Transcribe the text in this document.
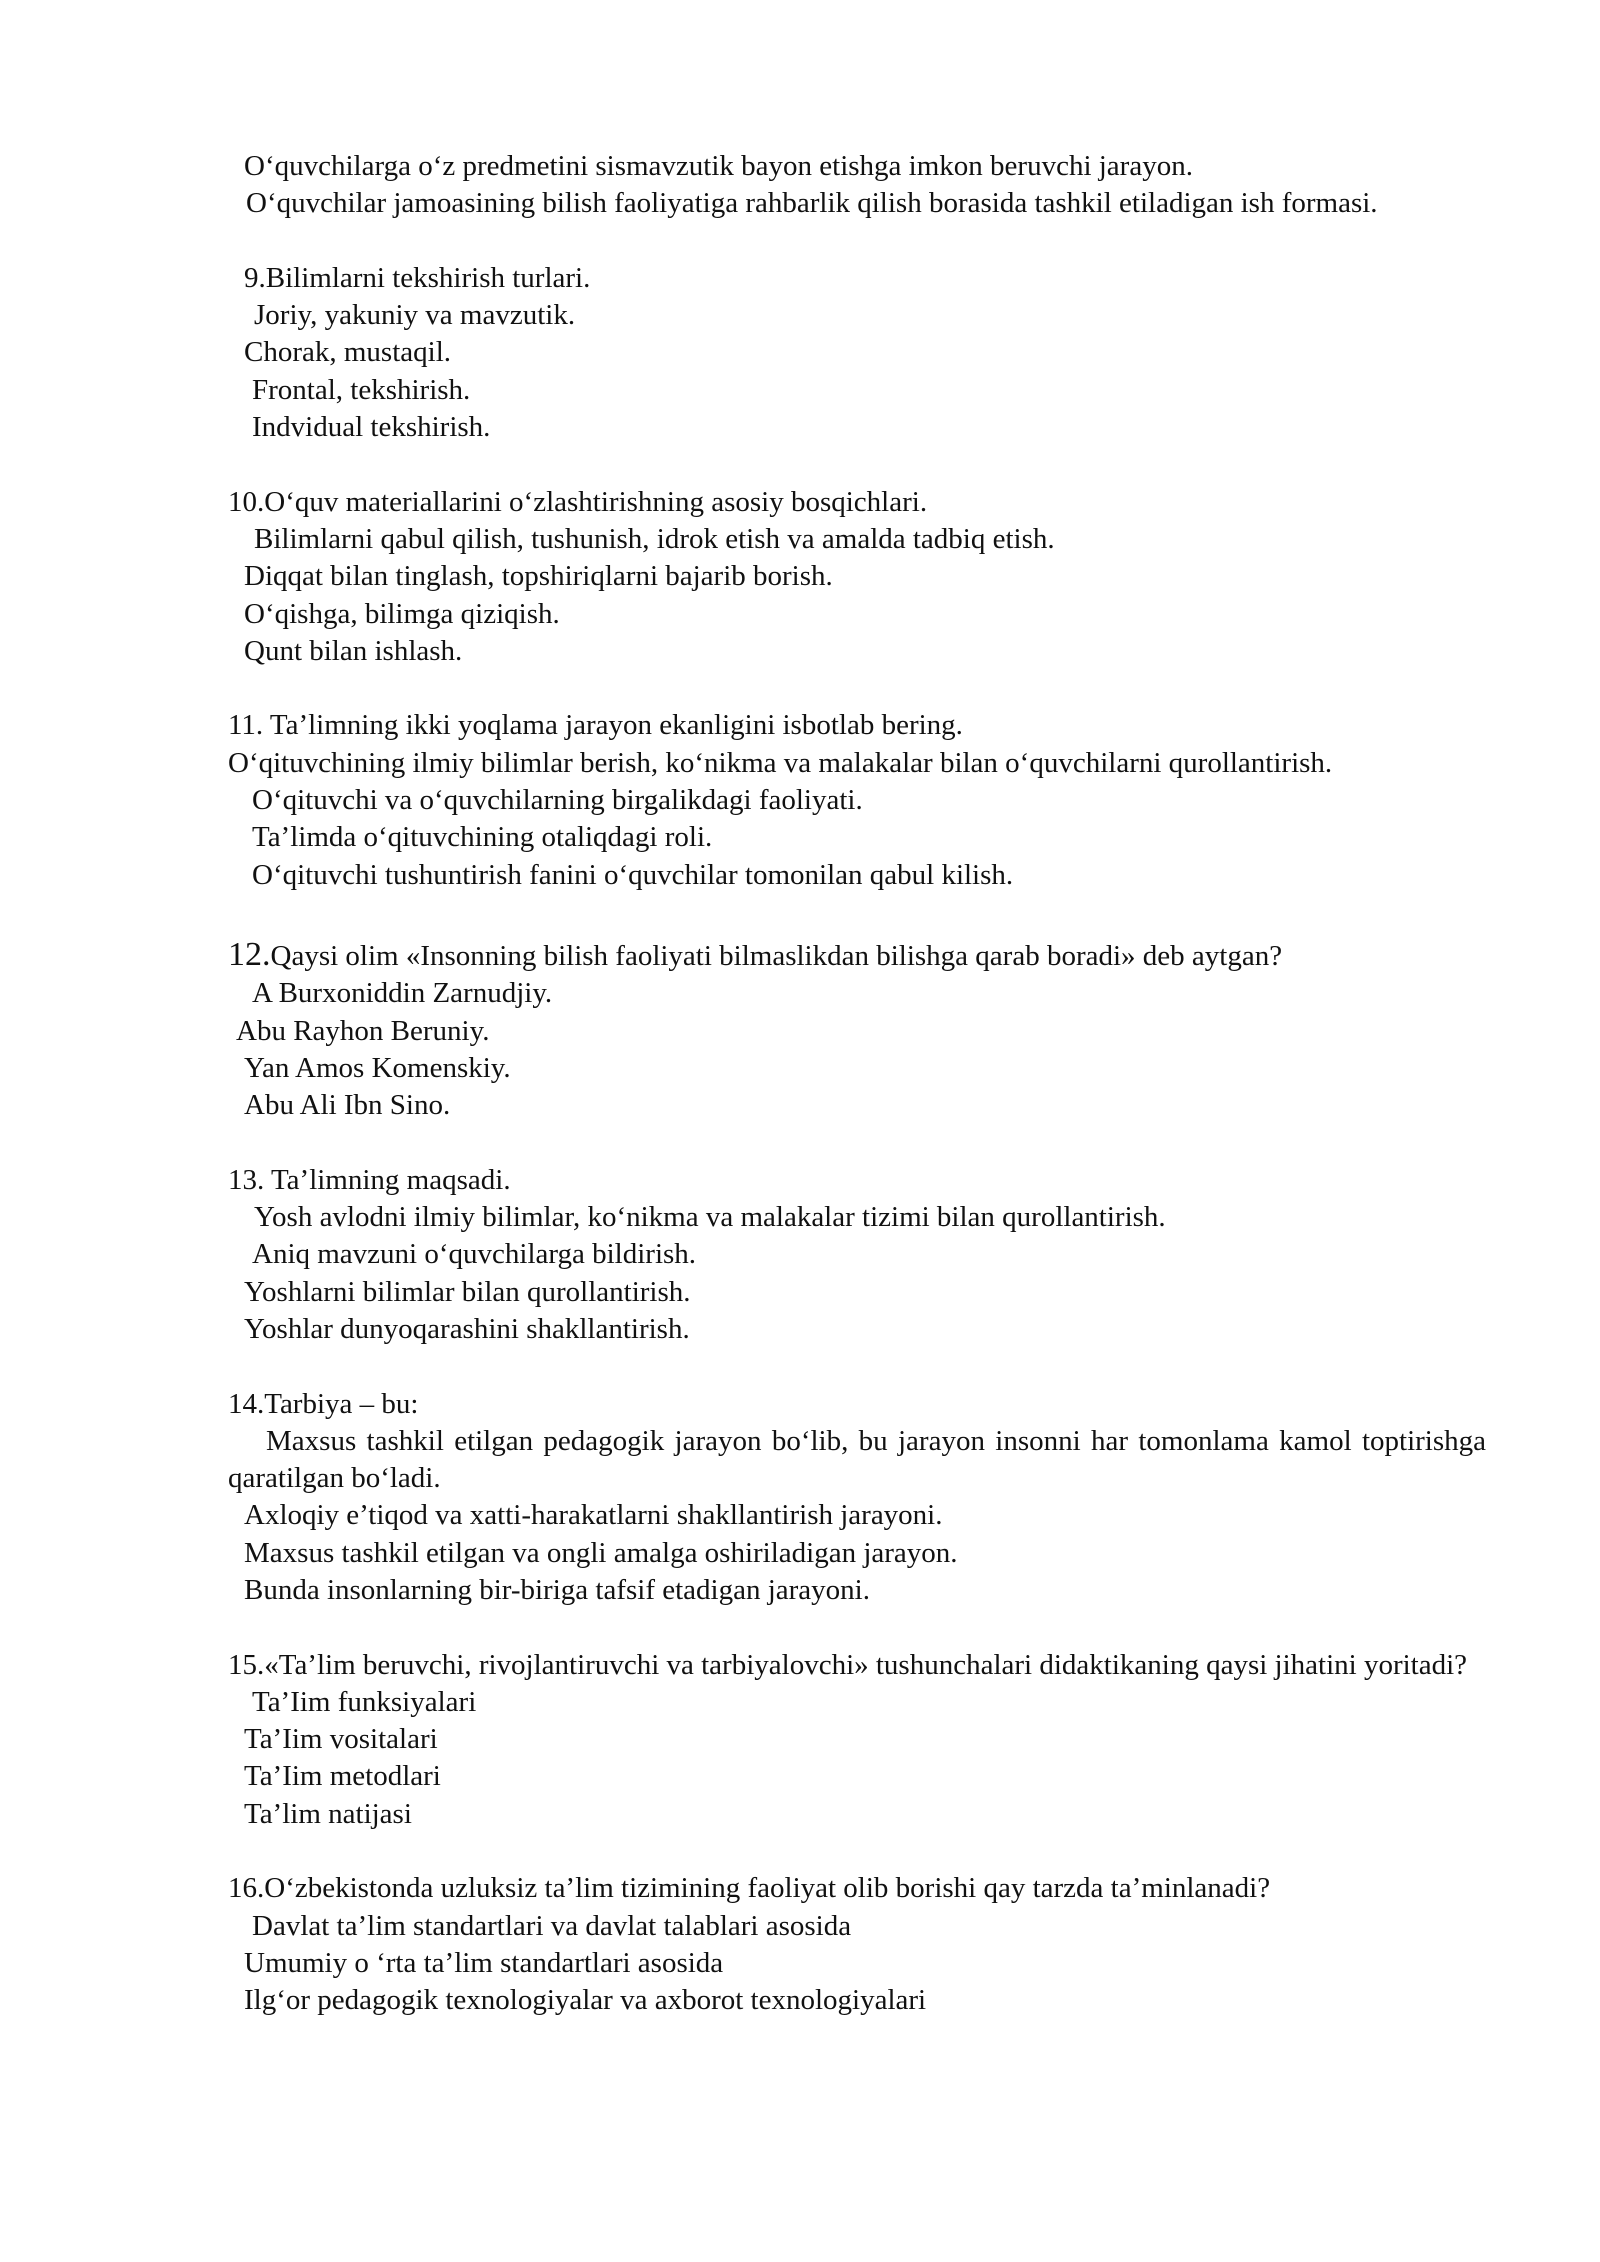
O‘quvchilarga o‘z predmetini sismavzutik bayon etishga imkon beruvchi jarayon.

O‘quvchilar jamoasining bilish faoliyatiga rahbarlik qilish borasida tashkil etiladigan ish formasi.

9.Bilimlarni tekshirish turlari.

Joriy, yakuniy va mavzutik.

Chorak, mustaqil.

Frontal, tekshirish.

Indvidual tekshirish.

10.O‘quv materiallarini o‘zlashtirishning asosiy bosqichlari.

Bilimlarni qabul qilish, tushunish, idrok etish va amalda tadbiq etish.

Diqqat bilan tinglash, topshiriqlarni bajarib borish.

O‘qishga, bilimga qiziqish.

Qunt bilan ishlash.

11. Ta’limning ikki yoqlama jarayon ekanligini isbotlab bering.

O‘qituvchining ilmiy bilimlar berish, ko‘nikma va malakalar bilan o‘quvchilarni qurollantirish.

O‘qituvchi va o‘quvchilarning birgalikdagi faoliyati.

Ta’limda o‘qituvchining otaliqdagi roli.

O‘qituvchi tushuntirish fanini o‘quvchilar tomonilan qabul kilish.

12.Qaysi olim «Insonning bilish faoliyati bilmaslikdan bilishga qarab boradi» deb aytgan?

A Burxoniddin Zarnudjiy.

Abu Rayhon Beruniy.

Yan Amos Komenskiy.

Abu Ali Ibn Sino.

13. Ta’limning maqsadi.

Yosh avlodni ilmiy bilimlar, ko‘nikma va malakalar tizimi bilan qurollantirish.

Aniq mavzuni o‘quvchilarga bildirish.

Yoshlarni bilimlar bilan qurollantirish.

Yoshlar dunyoqarashini shakllantirish.

14.Tarbiya – bu:

Maxsus tashkil etilgan pedagogik jarayon bo‘lib, bu jarayon insonni har tomonlama kamol toptirishga qaratilgan bo‘ladi.

Axloqiy e’tiqod va xatti-harakatlarni shakllantirish jarayoni.

Maxsus tashkil etilgan va ongli amalga oshiriladigan jarayon.

Bunda insonlarning bir-biriga tafsif etadigan jarayoni.

15.«Ta’lim beruvchi, rivojlantiruvchi va tarbiyalovchi» tushunchalari didaktikaning qaysi jihatini yoritadi?

Ta’Iim funksiyalari

Ta’Iim vositalari

Ta’Iim metodlari

Ta’lim natijasi

16.O‘zbekistonda uzluksiz ta’lim tizimining faoliyat olib borishi qay tarzda ta’minlanadi?

Davlat ta’lim standartlari va davlat talablari asosida

Umumiy o ‘rta ta’lim standartlari asosida

Ilg‘or pedagogik texnologiyalar va axborot texnologiyalari
